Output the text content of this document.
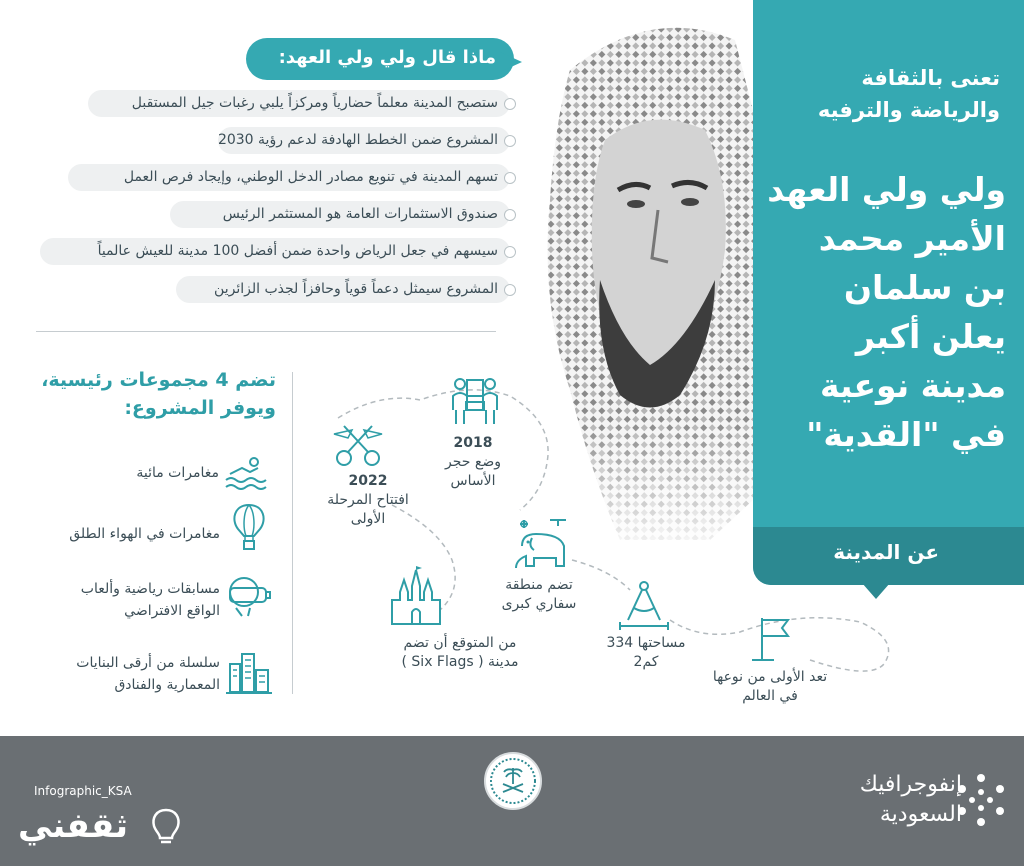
تعنى بالثقافة والرياضة والترفيه
ولي ولي العهد الأمير محمد بن سلمان يعلن أكبر مدينة نوعية في "القدية"
عن المدينة
ماذا قال ولي ولي العهد:
ستصبح المدينة معلماً حضارياً ومركزاً يلبي رغبات جيل المستقبل
المشروع ضمن الخطط الهادفة لدعم رؤية 2030
تسهم المدينة في تنويع مصادر الدخل الوطني، وإيجاد فرص العمل
صندوق الاستثمارات العامة هو المستثمر الرئيس
سيسهم في جعل الرياض واحدة ضمن أفضل 100 مدينة للعيش عالمياً
المشروع سيمثل دعماً قوياً وحافزاً لجذب الزائرين
تضم 4 مجموعات رئيسية، ويوفر المشروع:
مغامرات مائية
مغامرات في الهواء الطلق
مسابقات رياضية وألعاب الواقع الافتراضي
سلسلة من أرقى البنايات المعمارية والفنادق
2018
وضع حجر الأساس
2022
افتتاح المرحلة الأولى
تضم منطقة سفاري كبرى
من المتوقع أن تضم مدينة ( Six Flags )
مساحتها 334 كم2
تعد الأولى من نوعها في العالم
إنفوجرافيك السعودية
Infographic_KSA
ثقفني
